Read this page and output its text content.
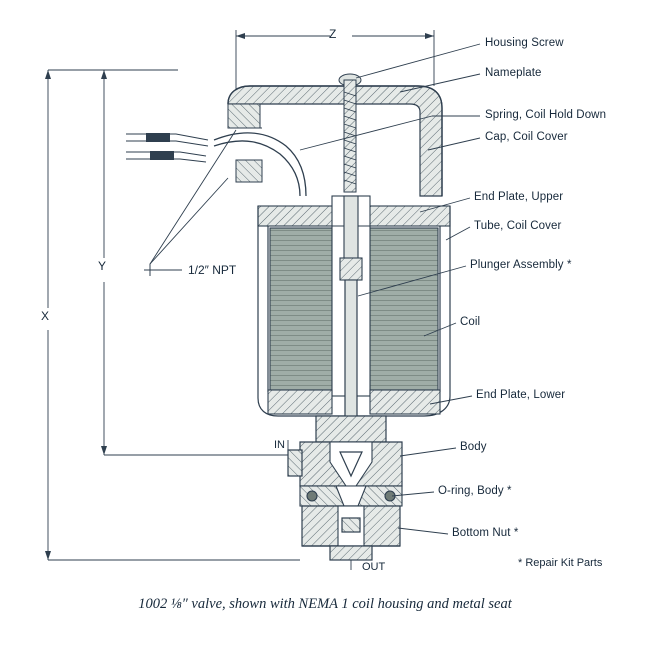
Housing Screw
Nameplate
Spring, Coil Hold Down
Cap, Coil Cover
End Plate, Upper
Tube, Coil Cover
Plunger Assembly *
Coil
End Plate, Lower
Body
O-ring, Body *
Bottom Nut *
Z
Y
X
1/2″ NPT
IN
OUT	* Repair Kit Parts
1002 ⅛″ valve, shown with NEMA 1 coil housing and metal seat
